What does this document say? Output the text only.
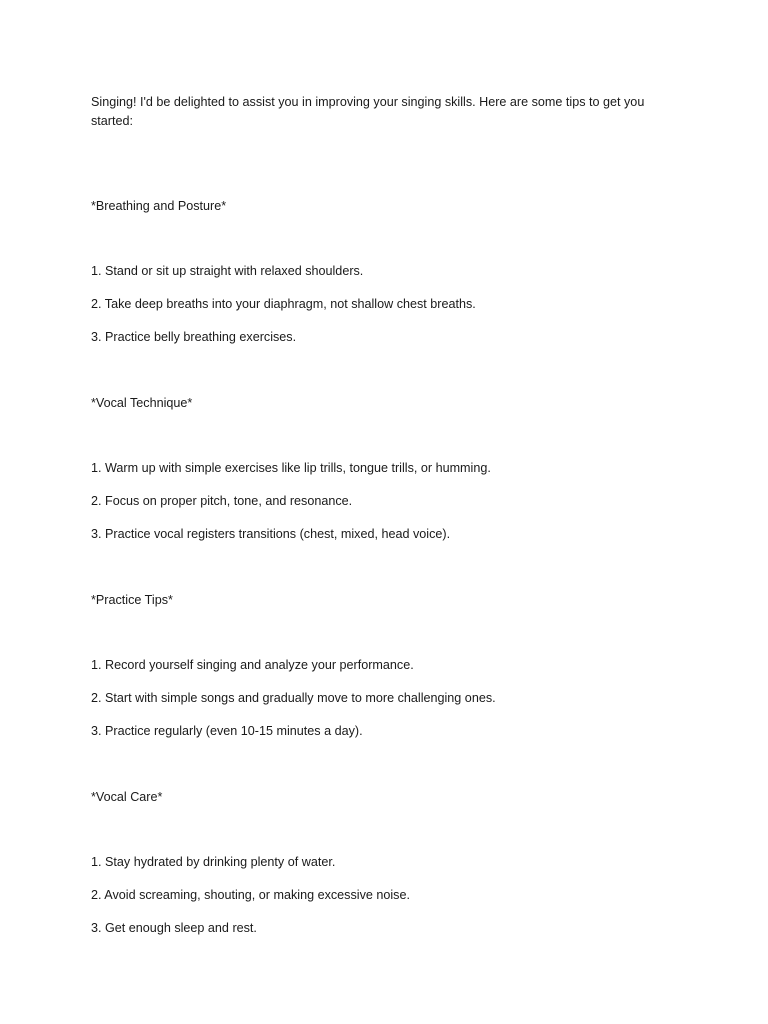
Singing! I'd be delighted to assist you in improving your singing skills. Here are some tips to get you started:

*Breathing and Posture*

1. Stand or sit up straight with relaxed shoulders.
2. Take deep breaths into your diaphragm, not shallow chest breaths.
3. Practice belly breathing exercises.

*Vocal Technique*

1. Warm up with simple exercises like lip trills, tongue trills, or humming.
2. Focus on proper pitch, tone, and resonance.
3. Practice vocal registers transitions (chest, mixed, head voice).

*Practice Tips*

1. Record yourself singing and analyze your performance.
2. Start with simple songs and gradually move to more challenging ones.
3. Practice regularly (even 10-15 minutes a day).

*Vocal Care*

1. Stay hydrated by drinking plenty of water.
2. Avoid screaming, shouting, or making excessive noise.
3. Get enough sleep and rest.
